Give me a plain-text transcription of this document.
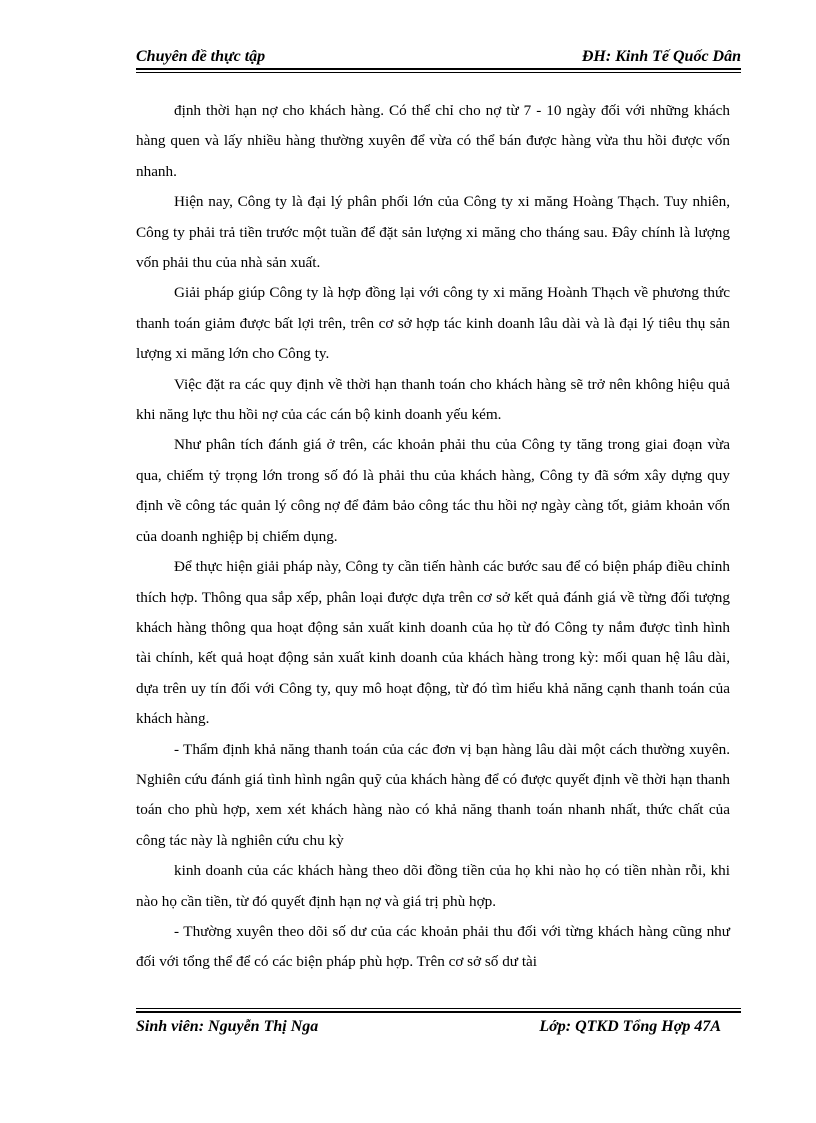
Chuyên đề thực tập	ĐH: Kinh Tế Quốc Dân

định thời hạn nợ cho khách hàng. Có thể chỉ cho nợ từ 7 - 10 ngày đối với những khách hàng quen và lấy nhiều hàng thường xuyên để vừa có thể bán được hàng vừa thu hồi được vốn nhanh.

Hiện nay, Công ty là đại lý phân phối lớn của Công ty xi măng Hoàng Thạch. Tuy nhiên, Công ty phải trả tiền trước một tuần để đặt sản lượng xi măng cho tháng sau. Đây chính là lượng vốn phải thu của nhà sản xuất.

Giải pháp giúp Công ty là hợp đồng lại với công ty xi măng Hoành Thạch về phương thức thanh toán giảm được bất lợi trên, trên cơ sở hợp tác kinh doanh lâu dài và là đại lý tiêu thụ sản lượng xi măng lớn cho Công ty.

Việc đặt ra các quy định về thời hạn thanh toán cho khách hàng sẽ trở nên không hiệu quả khi năng lực thu hồi nợ của các cán bộ kinh doanh yếu kém.

Như phân tích đánh giá ở trên, các khoản phải thu của Công ty tăng trong giai đoạn vừa qua, chiếm tỷ trọng lớn trong số đó là phải thu của khách hàng, Công ty đã sớm xây dựng quy định về công tác quản lý công nợ để đảm bảo công tác thu hồi nợ ngày càng tốt, giảm khoản vốn của doanh nghiệp bị chiếm dụng.

Để thực hiện giải pháp này, Công ty cần tiến hành các bước sau để có biện pháp điều chỉnh thích hợp. Thông qua sắp xếp, phân loại được dựa trên cơ sở kết quả đánh giá về từng đối tượng khách hàng thông qua hoạt động sản xuất kinh doanh của họ từ đó Công ty nắm được tình hình tài chính, kết quả hoạt động sản xuất kinh doanh của khách hàng trong kỳ: mối quan hệ lâu dài, dựa trên uy tín đối với Công ty, quy mô hoạt động, từ đó tìm hiểu khả năng cạnh thanh toán của khách hàng.

- Thẩm định khả năng thanh toán của các đơn vị bạn hàng lâu dài một cách thường xuyên. Nghiên cứu đánh giá tình hình ngân quỹ của khách hàng để có được quyết định về thời hạn thanh toán cho phù hợp, xem xét khách hàng nào có khả năng thanh toán nhanh nhất, thức chất của công tác này là nghiên cứu chu kỳ

kinh doanh của các khách hàng theo dõi đồng tiền của họ khi nào họ có tiền nhàn rỗi, khi nào họ cần tiền, từ đó quyết định hạn nợ và giá trị phù hợp.

- Thường xuyên theo dõi số dư của các khoản phải thu đối với từng khách hàng cũng như đối với tổng thể để có các biện pháp phù hợp. Trên cơ sở số dư tài

Sinh viên: Nguyễn Thị Nga	Lớp: QTKD Tổng Hợp 47A
